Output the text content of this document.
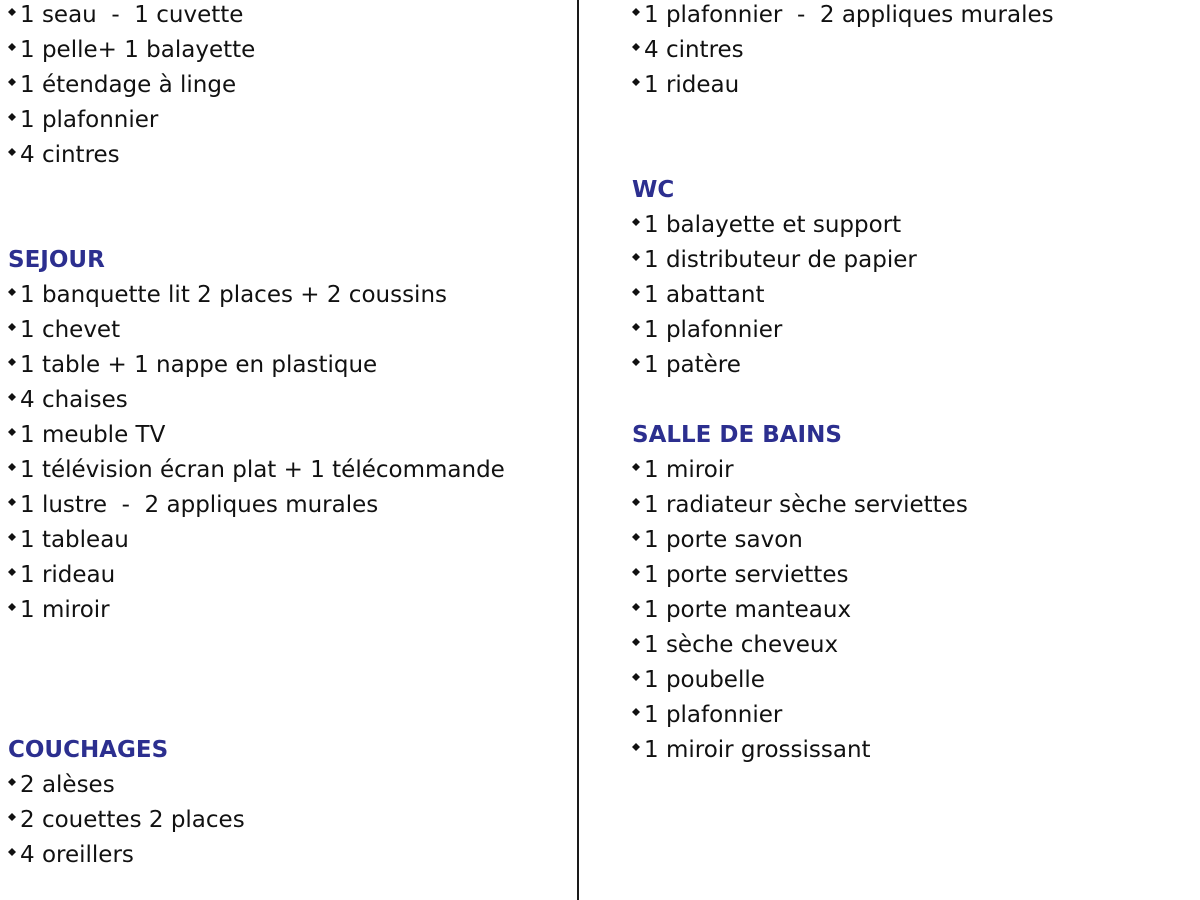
1 seau  -  1 cuvette
1 pelle+ 1 balayette
1 étendage à linge
1 plafonnier
4 cintres
SEJOUR
1 banquette lit 2 places + 2 coussins
1 chevet
1 table + 1 nappe en plastique
4 chaises
1 meuble TV
1 télévision écran plat + 1 télécommande
1 lustre  -  2 appliques murales
1 tableau
1 rideau
1 miroir
COUCHAGES
2 alèses
2 couettes 2 places
4 oreillers
1 plafonnier  -  2 appliques murales
4 cintres
1 rideau
WC
1 balayette et support
1 distributeur de papier
1 abattant
1 plafonnier
1 patère
SALLE DE BAINS
1 miroir
1 radiateur sèche serviettes
1 porte savon
1 porte serviettes
1 porte manteaux
1 sèche cheveux
1 poubelle
1 plafonnier
1 miroir grossissant
